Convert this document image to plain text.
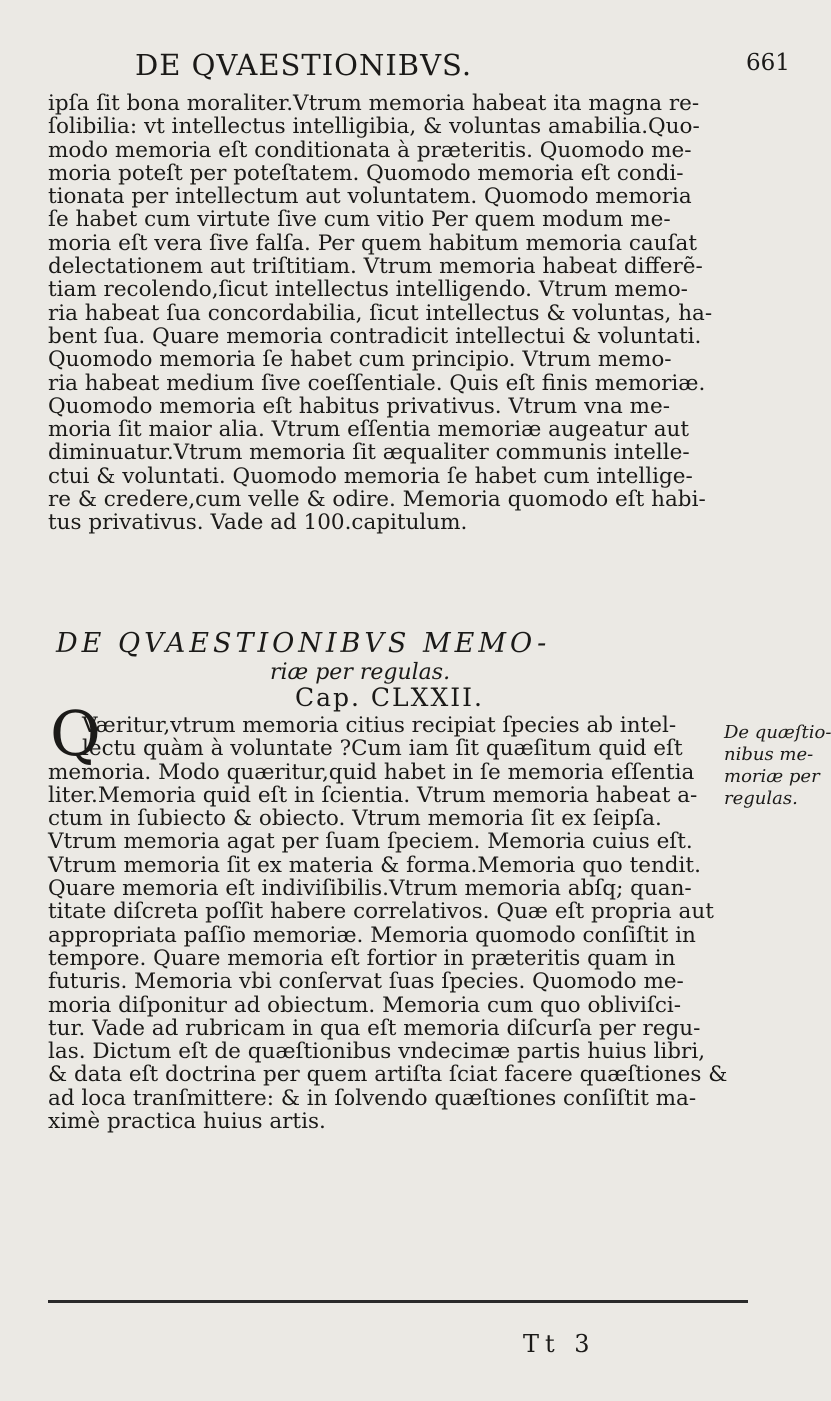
DE QVAESTIONIBVS.	661
ipſa ſit bona moraliter.Vtrum memoria habeat ita magna re-
ſolibilia: vt intellectus intelligibia, & voluntas amabilia.Quo-
modo memoria eſt conditionata à præteritis. Quomodo me-
moria poteſt per poteſtatem. Quomodo memoria eſt condi-
tionata per intellectum aut voluntatem. Quomodo memoria
ſe habet cum virtute ſive cum vitio Per quem modum me-
moria eſt vera ſive falſa. Per quem habitum memoria cauſat
delectationem aut triſtitiam. Vtrum memoria habeat differẽ-
tiam recolendo,ſicut intellectus intelligendo. Vtrum memo-
ria habeat ſua concordabilia, ſicut intellectus & voluntas, ha-
bent ſua. Quare memoria contradicit intellectui & voluntati.
Quomodo memoria ſe habet cum principio. Vtrum memo-
ria habeat medium ſive coeſſentiale. Quis eſt finis memoriæ.
Quomodo memoria eſt habitus privativus. Vtrum vna me-
moria ſit maior alia. Vtrum eſſentia memoriæ augeatur aut
diminuatur.Vtrum memoria ſit æqualiter communis intelle-
ctui & voluntati. Quomodo memoria ſe habet cum intellige-
re & credere,cum velle & odire. Memoria quomodo eſt habi-
tus privativus. Vade ad 100.capitulum.
DE QVAESTIONIBVS MEMO-
riæ per regulas.
Cap. CLXXII.
Q
Væritur,vtrum memoria citius recipiat ſpecies ab intel-
lectu quàm à voluntate ?Cum iam ſit quæſitum quid eſt
memoria. Modo quæritur,quid habet in ſe memoria eſſentia
liter.Memoria quid eſt in ſcientia. Vtrum memoria habeat a-
ctum in ſubiecto & obiecto. Vtrum memoria ſit ex ſeipſa.
Vtrum memoria agat per ſuam ſpeciem. Memoria cuius eſt.
Vtrum memoria ſit ex materia & forma.Memoria quo tendit.
Quare memoria eſt indiviſibilis.Vtrum memoria abſq; quan-
titate diſcreta poſſit habere correlativos. Quæ eſt propria aut
appropriata paſſio memoriæ. Memoria quomodo conſiſtit in
tempore. Quare memoria eſt fortior in præteritis quam in
futuris. Memoria vbi conſervat ſuas ſpecies. Quomodo me-
moria diſponitur ad obiectum. Memoria cum quo obliviſci-
tur. Vade ad rubricam in qua eſt memoria diſcurſa per regu-
las. Dictum eſt de quæſtionibus vndecimæ partis huius libri,
& data eſt doctrina per quem artiſta ſciat facere quæſtiones &
ad loca tranſmittere: & in ſolvendo quæſtiones conſiſtit ma-
ximè practica huius artis.
De quæſtio-
nibus me-
moriæ per
regulas.
Tt 3
